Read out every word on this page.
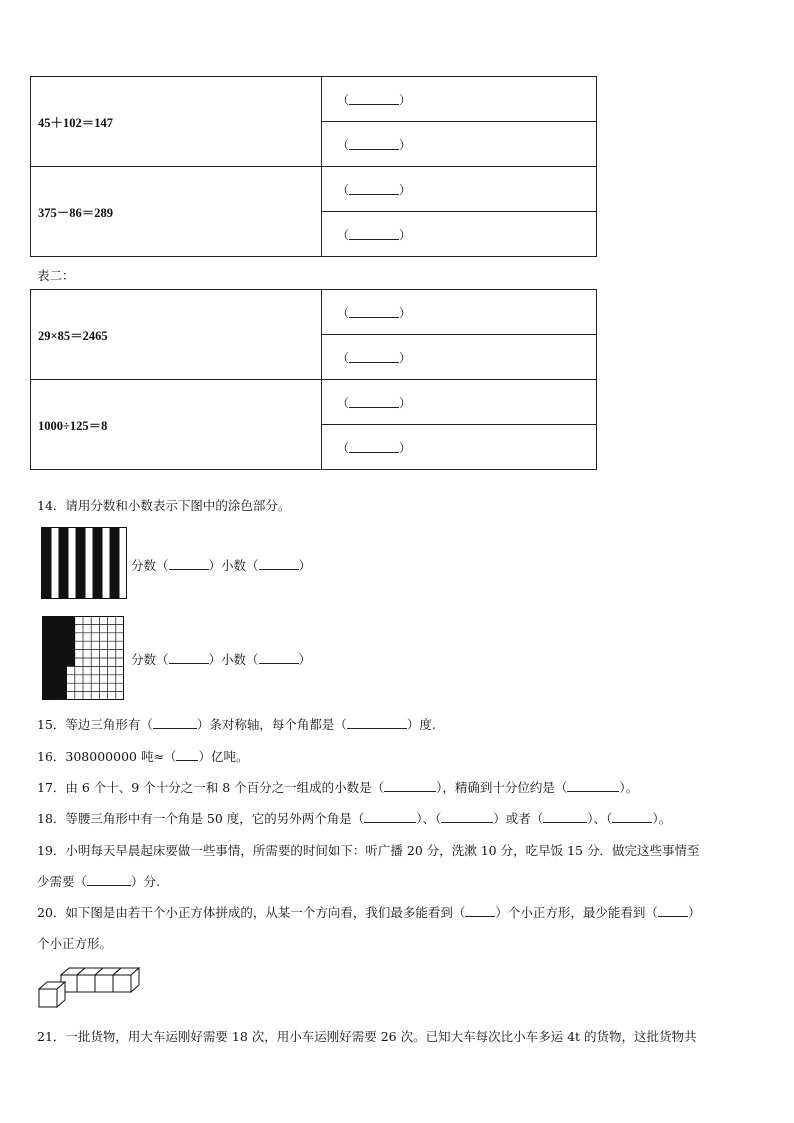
45＋102＝147	（ ）
	（ ）
375－86＝289	（ ）
	（ ）
表二：
29×85＝2465	（ ）
	（ ）
1000÷125＝8	（ ）
	（ ）
14．请用分数和小数表示下图中的涂色部分。
分数（	）小数（	）
分数（	）小数（	）
15．等边三角形有（	）条对称轴，每个角都是（	）度.
16．308000000 吨≈（ ）亿吨。
17．由 6 个十、9 个十分之一和 8 个百分之一组成的小数是（	），精确到十分位约是（	）。
18．等腰三角形中有一个角是 50 度，它的另外两个角是（	）、（	）或者（	）、（	）。
19．小明每天早晨起床要做一些事情，所需要的时间如下：听广播 20 分，洗漱 10 分，吃早饭 15 分．做完这些事情至
少需要（	）分.
20．如下图是由若干个小正方体拼成的，从某一个方向看，我们最多能看到（ ）个小正方形，最少能看到（ ）
个小正方形。
21．一批货物，用大车运刚好需要 18 次，用小车运刚好需要 26 次。已知大车每次比小车多运 4t 的货物，这批货物共
